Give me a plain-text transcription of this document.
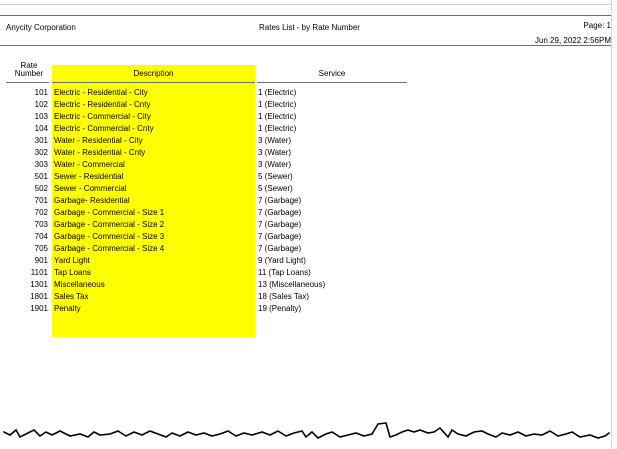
Anycity Corporation	Rates List - by Rate Number	Page: 1
Jun 29, 2022 2:56PM
Rate
Number	Description	Service
101 Electric - Residential - City	1 (Electric)
102 Electric - Residential - Cnty	1 (Electric)
103 Electric - Commercial - City	1 (Electric)
104 Electric - Commercial - Cnty	1 (Electric)
301 Water - Residential - City	3 (Water)
302 Water - Residential - Cnty	3 (Water)
303 Water - Commercial	3 (Water)
501 Sewer - Residential	5 (Sewer)
502 Sewer - Commercial	5 (Sewer)
701 Garbage- Residential	7 (Garbage)
702 Garbage - Commercial - Size 1	7 (Garbage)
703 Garbage - Commercial - Size 2	7 (Garbage)
704 Garbage - Commercial - Size 3	7 (Garbage)
705 Garbage - Commercial - Size 4	7 (Garbage)
901 Yard Light	9 (Yard Light)
1101 Tap Loans	11 (Tap Loans)
1301 Miscellaneous	13 (Miscellaneous)
1801 Sales Tax	18 (Sales Tax)
1901 Penalty	19 (Penalty)
